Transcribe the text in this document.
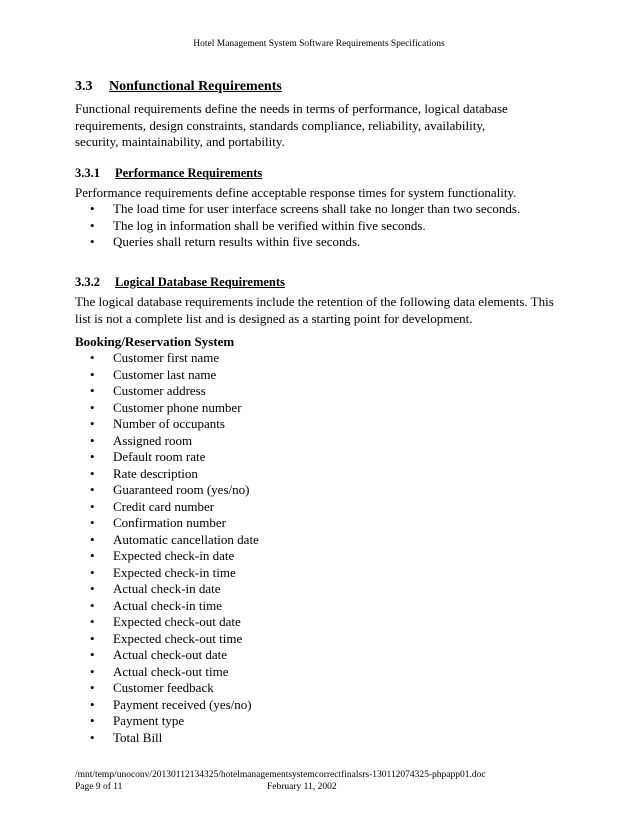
Hotel Management System Software Requirements Specifications
3.3 Nonfunctional Requirements

Functional requirements define the needs in terms of performance, logical database requirements, design constraints, standards compliance, reliability, availability, security, maintainability, and portability.

3.3.1 Performance Requirements

Performance requirements define acceptable response times for system functionality.

• The load time for user interface screens shall take no longer than two seconds.
• The log in information shall be verified within five seconds.
• Queries shall return results within five seconds.
3.3.2 Logical Database Requirements

The logical database requirements include the retention of the following data elements. This list is not a complete list and is designed as a starting point for development.

Booking/Reservation System
• Customer first name
• Customer last name
• Customer address
• Customer phone number
• Number of occupants
• Assigned room
• Default room rate
• Rate description
• Guaranteed room (yes/no)
• Credit card number
• Confirmation number
• Automatic cancellation date
• Expected check-in date
• Expected check-in time
• Actual check-in date
• Actual check-in time
• Expected check-out date
• Expected check-out time
• Actual check-out date
• Actual check-out time
• Customer feedback
• Payment received (yes/no)
• Payment type
• Total Bill
/mnt/temp/unoconv/20130112134325/hotelmanagementsystemcorrectfinalsrs-130112074325-phpapp01.doc
Page 9 of 11	February 11, 2002
